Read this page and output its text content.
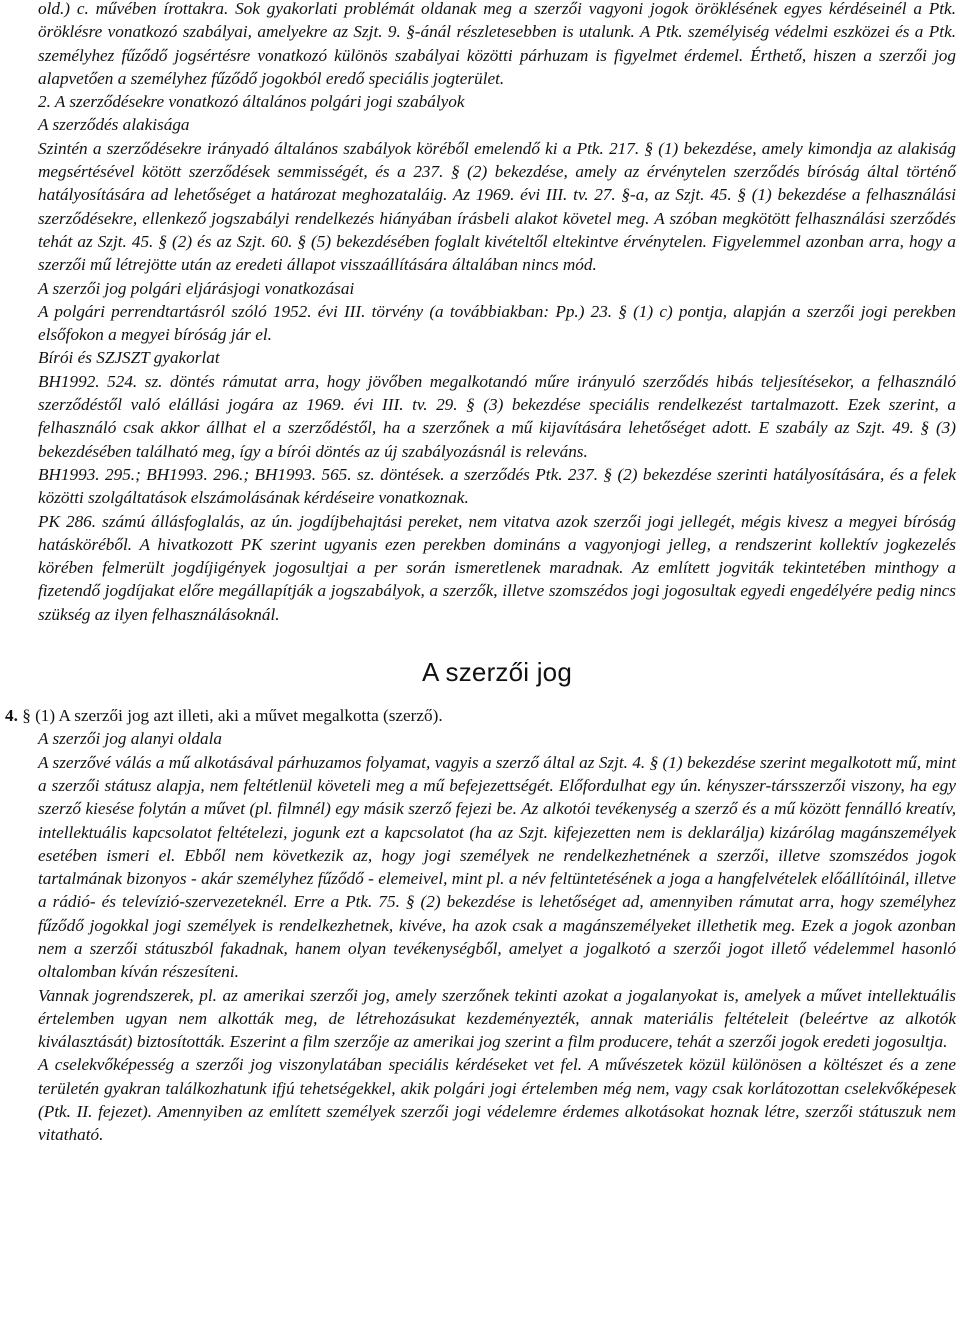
old.) c. művében írottakra. Sok gyakorlati problémát oldanak meg a szerzői vagyoni jogok öröklésének egyes kérdéseinél a Ptk. öröklésre vonatkozó szabályai, amelyekre az Szjt. 9. §-ánál részletesebben is utalunk. A Ptk. személyiség védelmi eszközei és a Ptk. személyhez fűződő jogsértésre vonatkozó különös szabályai közötti párhuzam is figyelmet érdemel. Érthető, hiszen a szerzői jog alapvetően a személyhez fűződő jogokból eredő speciális jogterület.

2. A szerződésekre vonatkozó általános polgári jogi szabályok

A szerződés alakisága

Szintén a szerződésekre irányadó általános szabályok köréből emelendő ki a Ptk. 217. § (1) bekezdése, amely kimondja az alakiság megsértésével kötött szerződések semmisségét, és a 237. § (2) bekezdése, amely az érvénytelen szerződés bíróság által történő hatályosítására ad lehetőséget a határozat meghozataláig. Az 1969. évi III. tv. 27. §-a, az Szjt. 45. § (1) bekezdése a felhasználási szerződésekre, ellenkező jogszabályi rendelkezés hiányában írásbeli alakot követel meg. A szóban megkötött felhasználási szerződés tehát az Szjt. 45. § (2) és az Szjt. 60. § (5) bekezdésében foglalt kivételtől eltekintve érvénytelen. Figyelemmel azonban arra, hogy a szerzői mű létrejötte után az eredeti állapot visszaállítására általában nincs mód.

A szerzői jog polgári eljárásjogi vonatkozásai

A polgári perrendtartásról szóló 1952. évi III. törvény (a továbbiakban: Pp.) 23. § (1) c) pontja, alapján a szerzői jogi perekben elsőfokon a megyei bíróság jár el.

Bírói és SZJSZT gyakorlat

BH1992. 524. sz. döntés rámutat arra, hogy jövőben megalkotandó műre irányuló szerződés hibás teljesítésekor, a felhasználó szerződéstől való elállási jogára az 1969. évi III. tv. 29. § (3) bekezdése speciális rendelkezést tartalmazott. Ezek szerint, a felhasználó csak akkor állhat el a szerződéstől, ha a szerzőnek a mű kijavítására lehetőséget adott. E szabály az Szjt. 49. § (3) bekezdésében található meg, így a bírói döntés az új szabályozásnál is releváns.

BH1993. 295.; BH1993. 296.; BH1993. 565. sz. döntések. a szerződés Ptk. 237. § (2) bekezdése szerinti hatályosítására, és a felek közötti szolgáltatások elszámolásának kérdéseire vonatkoznak.

PK 286. számú állásfoglalás, az ún. jogdíjbehajtási pereket, nem vitatva azok szerzői jogi jellegét, mégis kivesz a megyei bíróság hatásköréből. A hivatkozott PK szerint ugyanis ezen perekben domináns a vagyonjogi jelleg, a rendszerint kollektív jogkezelés körében felmerült jogdíjigények jogosultjai a per során ismeretlenek maradnak. Az említett jogviták tekintetében minthogy a fizetendő jogdíjakat előre megállapítják a jogszabályok, a szerzők, illetve szomszédos jogi jogosultak egyedi engedélyére pedig nincs szükség az ilyen felhasználásoknál.

A szerzői jog

4. § (1) A szerzői jog azt illeti, aki a művet megalkotta (szerző).

A szerzői jog alanyi oldala

A szerzővé válás a mű alkotásával párhuzamos folyamat, vagyis a szerző által az Szjt. 4. § (1) bekezdése szerint megalkotott mű, mint a szerzői státusz alapja, nem feltétlenül követeli meg a mű befejezettségét. Előfordulhat egy ún. kényszer-társszerzői viszony, ha egy szerző kiesése folytán a művet (pl. filmnél) egy másik szerző fejezi be. Az alkotói tevékenység a szerző és a mű között fennálló kreatív, intellektuális kapcsolatot feltételezi, jogunk ezt a kapcsolatot (ha az Szjt. kifejezetten nem is deklarálja) kizárólag magánszemélyek esetében ismeri el. Ebből nem következik az, hogy jogi személyek ne rendelkezhetnének a szerzői, illetve szomszédos jogok tartalmának bizonyos - akár személyhez fűződő - elemeivel, mint pl. a név feltüntetésének a joga a hangfelvételek előállítóinál, illetve a rádió- és televízió-szervezeteknél. Erre a Ptk. 75. § (2) bekezdése is lehetőséget ad, amennyiben rámutat arra, hogy személyhez fűződő jogokkal jogi személyek is rendelkezhetnek, kivéve, ha azok csak a magánszemélyeket illethetik meg. Ezek a jogok azonban nem a szerzői státuszból fakadnak, hanem olyan tevékenységből, amelyet a jogalkotó a szerzői jogot illető védelemmel hasonló oltalomban kíván részesíteni.

Vannak jogrendszerek, pl. az amerikai szerzői jog, amely szerzőnek tekinti azokat a jogalanyokat is, amelyek a művet intellektuális értelemben ugyan nem alkották meg, de létrehozásukat kezdeményezték, annak materiális feltételeit (beleértve az alkotók kiválasztását) biztosították. Eszerint a film szerzője az amerikai jog szerint a film producere, tehát a szerzői jogok eredeti jogosultja.

A cselekvőképesség a szerzői jog viszonylatában speciális kérdéseket vet fel. A művészetek közül különösen a költészet és a zene területén gyakran találkozhatunk ifjú tehetségekkel, akik polgári jogi értelemben még nem, vagy csak korlátozottan cselekvőképesek (Ptk. II. fejezet). Amennyiben az említett személyek szerzői jogi védelemre érdemes alkotásokat hoznak létre, szerzői státuszuk nem vitatható.
